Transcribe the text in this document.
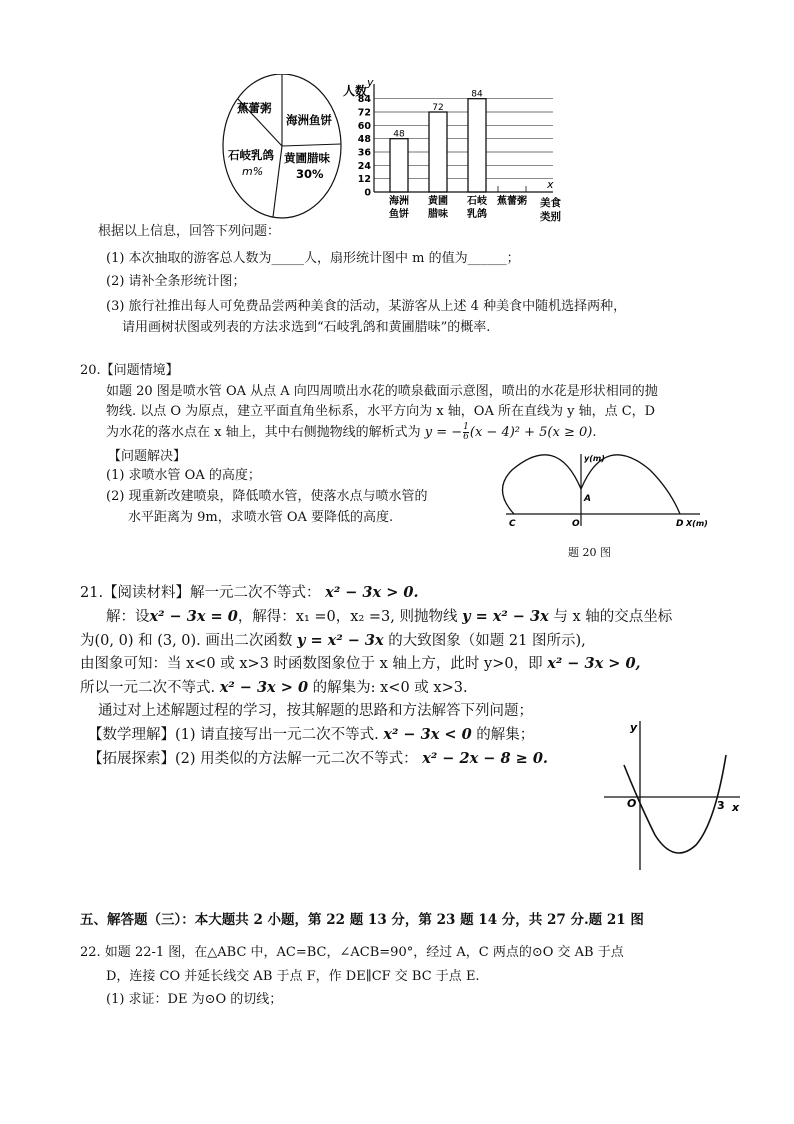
蕉蕾粥
海洲鱼饼
石岐乳鸽
m%
黄圃腊味
30%
84
72
60
48
36
24
12
0
48
海洲
鱼饼
72
黄圃
腊味
84
石岐
乳鸽
蕉蕾粥
人数
y
x
美食
类别
根据以上信息，回答下列问题：
(1) 本次抽取的游客总人数为_____人，扇形统计图中 m 的值为______；
(2) 请补全条形统计图；
(3) 旅行社推出每人可免费品尝两种美食的活动，某游客从上述 4 种美食中随机选择两种，
请用画树状图或列表的方法求选到“石岐乳鸽和黄圃腊味”的概率.
20.【问题情境】
如题 20 图是喷水管 OA 从点 A 向四周喷出水花的喷泉截面示意图，喷出的水花是形状相同的抛
物线. 以点 O 为原点，建立平面直角坐标系，水平方向为 x 轴，OA 所在直线为 y 轴，点 C，D
为水花的落水点在 x 轴上，其中右侧抛物线的解析式为 y = − $\frac{1}{6} (x - 4)^2 + 5(x \ge 0)$.
【问题解决】
(1) 求喷水管 OA 的高度；
(2) 现重新改建喷泉，降低喷水管，使落水点与喷水管的
水平距离为 9m，求喷水管 OA 要降低的高度.
y(m)
A
O
C	D X(m)
题 20 图
21.【阅读材料】解一元二次不等式： x² − 3x > 0.
解：设x² − 3x = 0，解得：x₁ =0，x₂ =3, 则抛物线 y = x² − 3x 与 x 轴的交点坐标
为(0, 0) 和 (3, 0). 画出二次函数 y = x² − 3x 的大致图象（如题 21 图所示),
由图象可知：当 x<0 或 x>3 时函数图象位于 x 轴上方，此时 y>0，即 x² − 3x > 0,
所以一元二次不等式. x² − 3x > 0 的解集为: x<0 或 x>3.
通过对上述解题过程的学习，按其解题的思路和方法解答下列问题；
【数学理解】(1) 请直接写出一元二次不等式. x² − 3x < 0 的解集；
【拓展探索】(2) 用类似的方法解一元二次不等式： x² − 2x − 8 ≥ 0.
y
O	3 x
五、解答题（三）：本大题共 2 小题，第 22 题 13 分，第 23 题 14 分，共 27 分.题 21 图
22. 如题 22-1 图，在△ABC 中，AC=BC，∠ACB=90°，经过 A，C 两点的⊙O 交 AB 于点
D，连接 CO 并延长线交 AB 于点 F，作 DE∥CF 交 BC 于点 E.
(1) 求证：DE 为⊙O 的切线；
